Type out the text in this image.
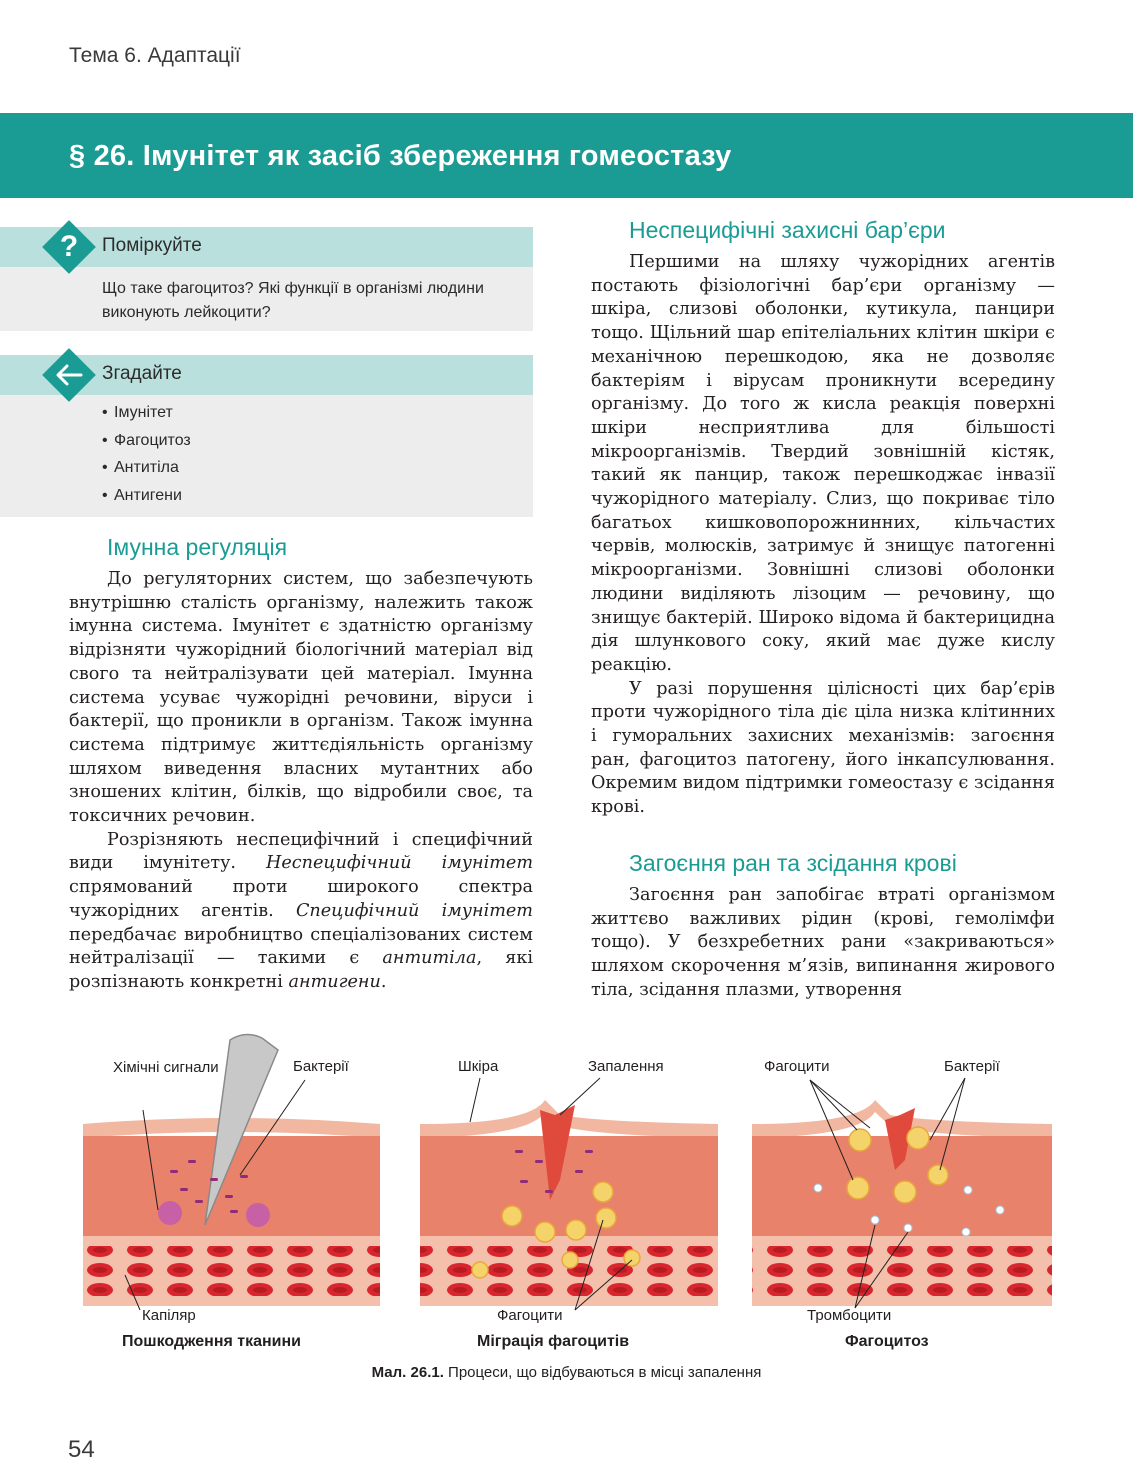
Тема 6. Адаптації
§ 26. Імунітет як засіб збереження гомеостазу
?	Поміркуйте
Що таке фагоцитоз? Які функції в організмі людини виконують лейкоцити?
Згадайте
• Імунітет
• Фагоцитоз
• Антитіла
• Антигени
Імунна регуляція

До регуляторних систем, що забезпечують внутрішню сталість організму, належить також імунна система. Імунітет є здатністю організму відрізняти чужорідний біологічний матеріал від свого та нейтралізувати цей матеріал. Імунна система усуває чужорідні речовини, віруси і бактерії, що проникли в організм. Також імунна система підтримує життєдіяльність організму шляхом виведення власних мутантних або зношених клітин, білків, що відробили своє, та токсичних речовин.

Розрізняють неспецифічний і специфічний види імунітету. Неспецифічний імунітет спрямований проти широкого спектра чужорідних агентів. Специфічний імунітет передбачає виробництво спеціалізованих систем нейтралізації — такими є антитіла, які розпізнають конкретні антигени.

Неспецифічні захисні бар’єри

Першими на шляху чужорідних агентів постають фізіологічні бар’єри організму — шкіра, слизові оболонки, кутикула, панцири тощо. Щільний шар епітеліальних клітин шкіри є механічною перешкодою, яка не дозволяє бактеріям і вірусам проникнути всередину організму. До того ж кисла реакція поверхні шкіри несприятлива для більшості мікроорганізмів. Твердий зовнішній кістяк, такий як панцир, також перешкоджає інвазії чужорідного матеріалу. Слиз, що покриває тіло багатьох кишковопорожнинних, кільчастих червів, молюсків, затримує й знищує патогенні мікроорганізми. Зовнішні слизові оболонки людини виділяють лізоцим — речовину, що знищує бактерій. Широко відома й бактерицидна дія шлункового соку, який має дуже кислу реакцію.

У разі порушення цілісності цих бар’єрів проти чужорідного тіла діє ціла низка клітинних і гуморальних захисних механізмів: загоєння ран, фагоцитоз патогену, його інкапсулювання. Окремим видом підтримки гомеостазу є зсідання крові.

Загоєння ран та зсідання крові

Загоєння ран запобігає втраті організмом життєво важливих рідин (крові, гемолімфи тощо). У безхребетних рани «закриваються» шляхом скорочення м’язів, випинання жирового тіла, зсідання плазми, утворення

Хімічні сигнали	Бактерії
Капіляр
Пошкодження тканини
Шкіра	Запалення
Фагоцити
Міграція фагоцитів
Фагоцити	Бактерії
Тромбоцити
Фагоцитоз
Мал. 26.1. Процеси, що відбуваються в місці запалення
54
